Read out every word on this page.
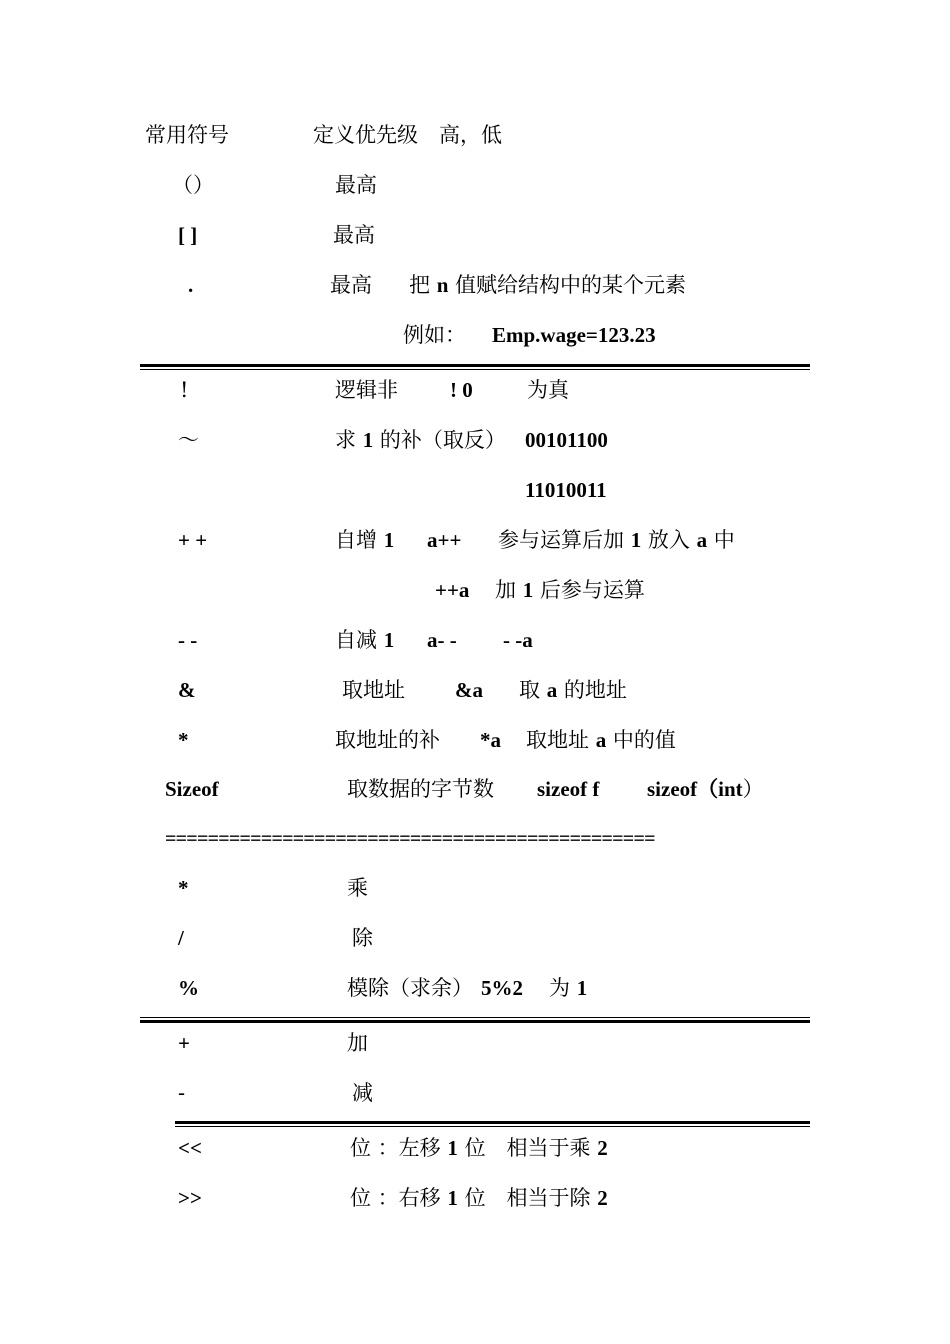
常用符号	定义优先级　高，低
（）	最高
[ ]	最高
.	最高 把 n 值赋给结构中的某个元素
例如： Emp.wage=123.23
!	逻辑非 ! 0	为真
～	求 1 的补（取反） 00101100
11010011
+ +	自增 1 a++ 参与运算后加 1 放入 a 中
++a 加 1 后参与运算
- -	自减 1 a- - - -a
&	取地址 &a 取 a 的地址
*	取地址的补 *a 取地址 a 中的值
Sizeof	取数据的字节数 sizeof f sizeof（int）
==============================================
*	乘
/	除
%	模除（求余） 5%2 为 1
+	加
-	减
<<	位 ：左移 1 位　相当于乘 2
>>	位 ：右移 1 位　相当于除 2
